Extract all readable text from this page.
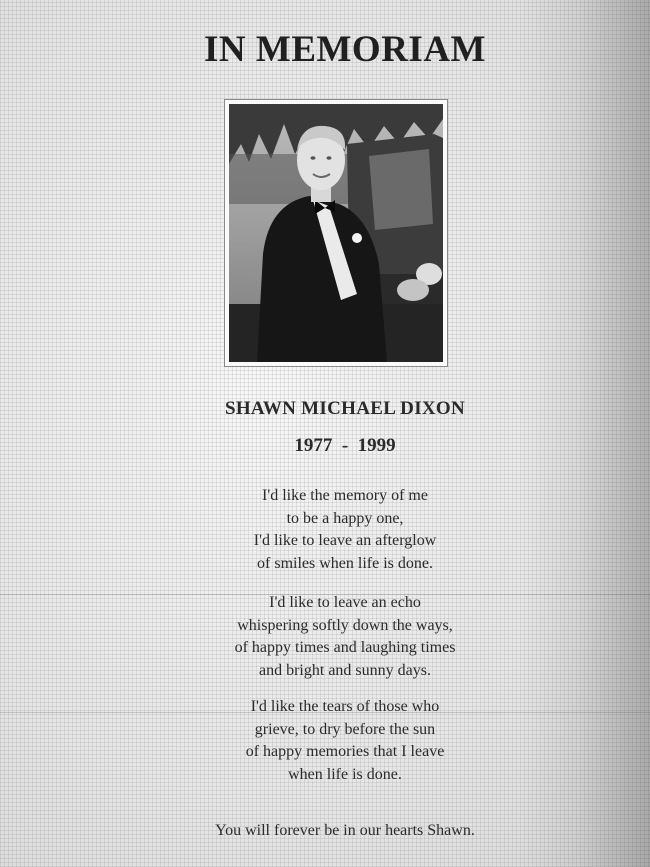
IN MEMORIAM
SHAWN MICHAEL DIXON
1977  -  1999
I'd like the memory of me
to be a happy one,
I'd like to leave an afterglow
of smiles when life is done.
I'd like to leave an echo
whispering softly down the ways,
of happy times and laughing times
and bright and sunny days.
I'd like the tears of those who
grieve, to dry before the sun
of happy memories that I leave
when life is done.
You will forever be in our hearts Shawn.
